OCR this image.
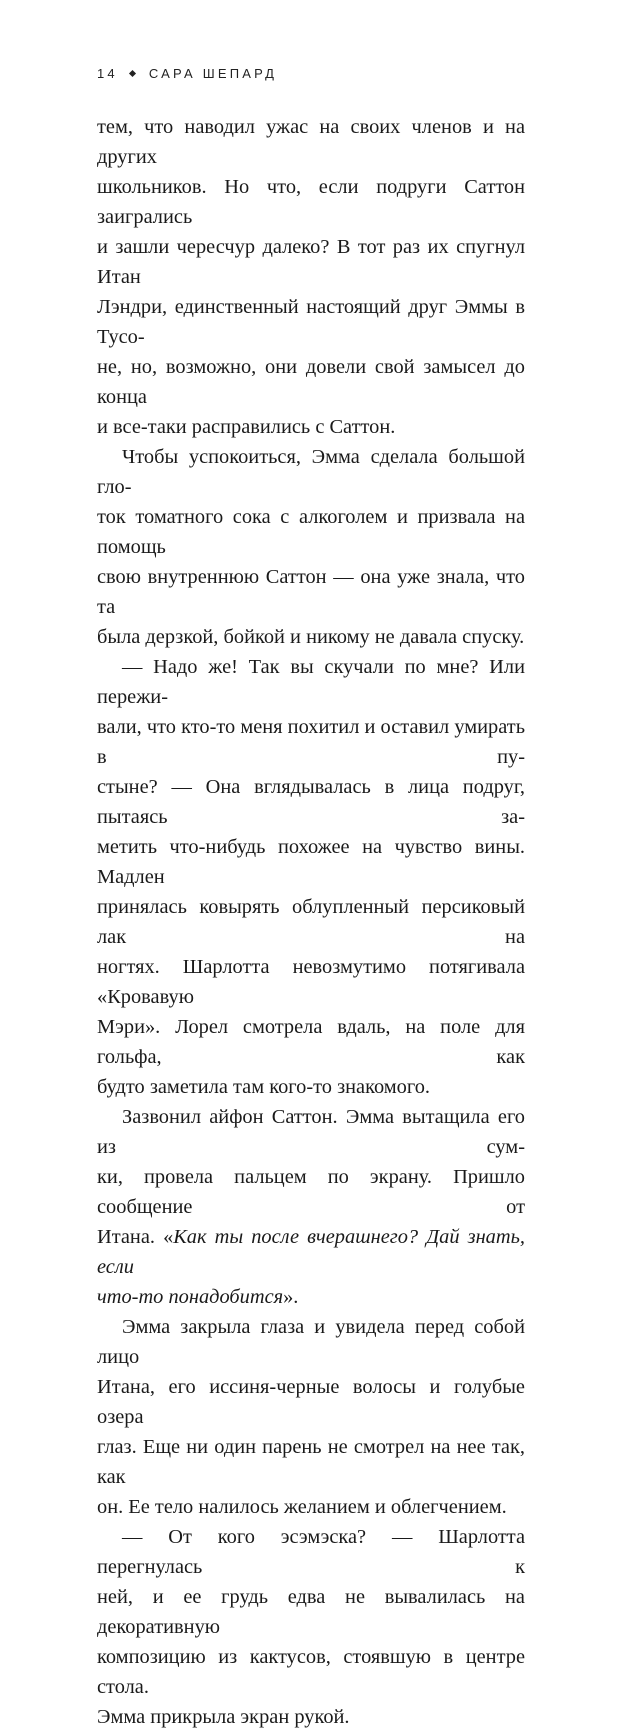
14 САРА ШЕПАРД

тем, что наводил ужас на своих членов и на других

школьников. Но что, если подруги Саттон заигрались

и зашли чересчур далеко? В тот раз их спугнул Итан

Лэндри, единственный настоящий друг Эммы в Тусо-

не, но, возможно, они довели свой замысел до конца

и все-таки расправились с Саттон.

Чтобы успокоиться, Эмма сделала большой гло-

ток томатного сока с алкоголем и призвала на помощь

свою внутреннюю Саттон — она уже знала, что та

была дерзкой, бойкой и никому не давала спуску.

— Надо же! Так вы скучали по мне? Или пережи-

вали, что кто-то меня похитил и оставил умирать в пу-

стыне? — Она вглядывалась в лица подруг, пытаясь за-

метить что-нибудь похожее на чувство вины. Мадлен

принялась ковырять облупленный персиковый лак на

ногтях. Шарлотта невозмутимо потягивала «Кровавую

Мэри». Лорел смотрела вдаль, на поле для гольфа, как

будто заметила там кого-то знакомого.

Зазвонил айфон Саттон. Эмма вытащила его из сум-

ки, провела пальцем по экрану. Пришло сообщение от

Итана. «Как ты после вчерашнего? Дай знать, если

что-то понадобится».

Эмма закрыла глаза и увидела перед собой лицо

Итана, его иссиня-черные волосы и голубые озера

глаз. Еще ни один парень не смотрел на нее так, как

он. Ее тело налилось желанием и облегчением.

— От кого эсэмэска? — Шарлотта перегнулась к

ней, и ее грудь едва не вывалилась на декоративную

композицию из кактусов, стоявшую в центре стола.

Эмма прикрыла экран рукой.
